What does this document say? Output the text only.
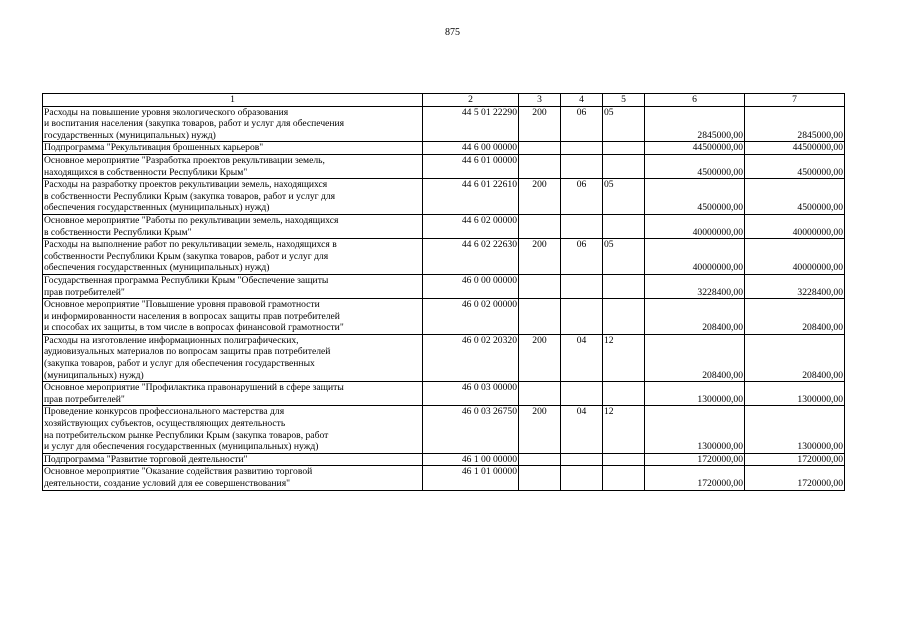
875
1	2	3	4	5	6	7

Расходы на повышение уровня экологического образования
и воспитания населения (закупка товаров, работ и услуг для обеспечения
государственных (муниципальных) нужд)	44 5 01 22290	200	06	05	2845000,00	2845000,00

Подпрограмма "Рекультивация брошенных карьеров"	44 6 00 00000				44500000,00	44500000,00

Основное мероприятие "Разработка проектов рекультивации земель,
находящихся в собственности Республики Крым"	44 6 01 00000				4500000,00	4500000,00

Расходы на разработку проектов рекультивации земель, находящихся
в собственности Республики Крым (закупка товаров, работ и услуг для
обеспечения государственных (муниципальных) нужд)	44 6 01 22610	200	06	05	4500000,00	4500000,00

Основное мероприятие "Работы по рекультивации земель, находящихся
в собственности Республики Крым"	44 6 02 00000				40000000,00	40000000,00

Расходы на выполнение работ по рекультивации земель, находящихся в
собственности Республики Крым (закупка товаров, работ и услуг для
обеспечения государственных (муниципальных) нужд)	44 6 02 22630	200	06	05	40000000,00	40000000,00

Государственная программа Республики Крым "Обеспечение защиты
прав потребителей"	46 0 00 00000				3228400,00	3228400,00

Основное мероприятие "Повышение уровня правовой грамотности
и информированности населения в вопросах защиты прав потребителей
и способах их защиты, в том числе в вопросах финансовой грамотности"	46 0 02 00000				208400,00	208400,00

Расходы на изготовление информационных полиграфических,
аудиовизуальных материалов по вопросам защиты прав потребителей
(закупка товаров, работ и услуг для обеспечения государственных
(муниципальных) нужд)	46 0 02 20320	200	04	12	208400,00	208400,00

Основное мероприятие "Профилактика правонарушений в сфере защиты
прав потребителей"	46 0 03 00000				1300000,00	1300000,00

Проведение конкурсов профессионального мастерства для
хозяйствующих субъектов, осуществляющих деятельность
на потребительском рынке Республики Крым (закупка товаров, работ
и услуг для обеспечения государственных (муниципальных) нужд)	46 0 03 26750	200	04	12	1300000,00	1300000,00

Подпрограмма "Развитие торговой деятельности"	46 1 00 00000				1720000,00	1720000,00

Основное мероприятие "Оказание содействия развитию торговой
деятельности, создание условий для ее совершенствования"	46 1 01 00000				1720000,00	1720000,00
